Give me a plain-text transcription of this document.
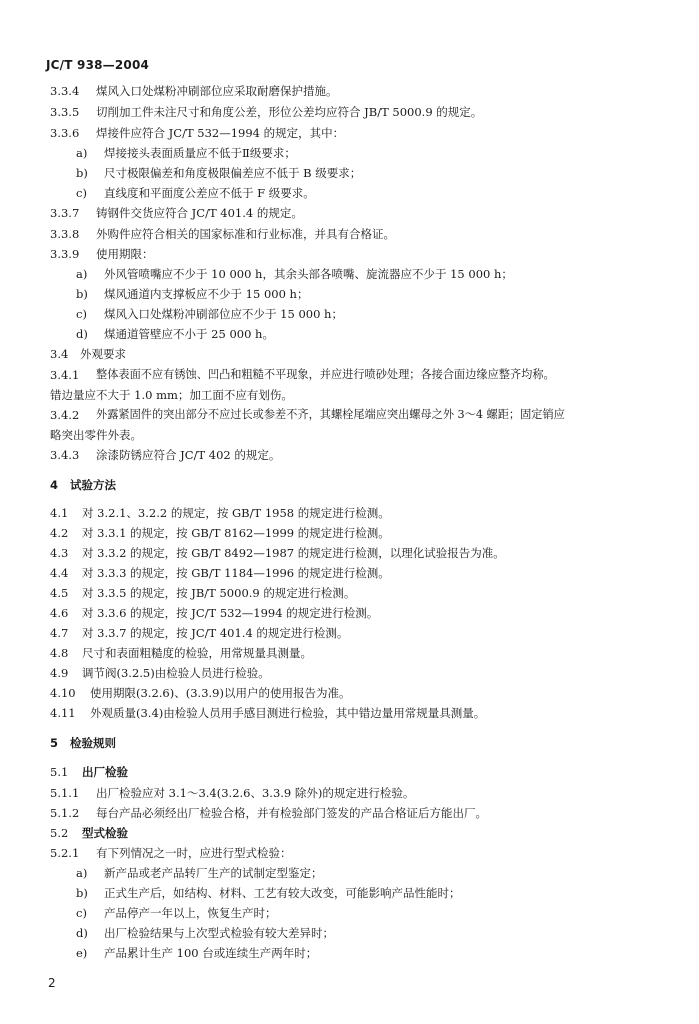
JC/T 938—2004
3.3.4 煤风入口处煤粉冲刷部位应采取耐磨保护措施。
3.3.5 切削加工件未注尺寸和角度公差，形位公差均应符合 JB/T 5000.9 的规定。
3.3.6 焊接件应符合 JC/T 532—1994 的规定，其中：
a) 焊接接头表面质量应不低于Ⅱ级要求；
b) 尺寸极限偏差和角度极限偏差应不低于 B 级要求；
c) 直线度和平面度公差应不低于 F 级要求。
3.3.7 铸钢件交货应符合 JC/T 401.4 的规定。
3.3.8 外购件应符合相关的国家标准和行业标准，并具有合格证。
3.3.9 使用期限：
a) 外风管喷嘴应不少于 10 000 h，其余头部各喷嘴、旋流器应不少于 15 000 h；
b) 煤风通道内支撑板应不少于 15 000 h；
c) 煤风入口处煤粉冲刷部位应不少于 15 000 h；
d) 煤通道管壁应不小于 25 000 h。
3.4 外观要求
3.4.1 整体表面不应有锈蚀、凹凸和粗糙不平现象，并应进行喷砂处理；各接合面边缘应整齐均称。
错边量应不大于 1.0 mm；加工面不应有划伤。
3.4.2 外露紧固件的突出部分不应过长或参差不齐，其螺栓尾端应突出螺母之外 3～4 螺距；固定销应
略突出零件外表。
3.4.3 涂漆防锈应符合 JC/T 402 的规定。
4 试验方法
4.1 对 3.2.1、3.2.2 的规定，按 GB/T 1958 的规定进行检测。
4.2 对 3.3.1 的规定，按 GB/T 8162—1999 的规定进行检测。
4.3 对 3.3.2 的规定，按 GB/T 8492—1987 的规定进行检测，以理化试验报告为准。
4.4 对 3.3.3 的规定，按 GB/T 1184—1996 的规定进行检测。
4.5 对 3.3.5 的规定，按 JB/T 5000.9 的规定进行检测。
4.6 对 3.3.6 的规定，按 JC/T 532—1994 的规定进行检测。
4.7 对 3.3.7 的规定，按 JC/T 401.4 的规定进行检测。
4.8 尺寸和表面粗糙度的检验，用常规量具测量。
4.9 调节阀(3.2.5)由检验人员进行检验。
4.10 使用期限(3.2.6)、(3.3.9)以用户的使用报告为准。
4.11 外观质量(3.4)由检验人员用手感目测进行检验，其中错边量用常规量具测量。
5 检验规则
5.1 出厂检验
5.1.1 出厂检验应对 3.1～3.4(3.2.6、3.3.9 除外)的规定进行检验。
5.1.2 每台产品必须经出厂检验合格，并有检验部门签发的产品合格证后方能出厂。
5.2 型式检验
5.2.1 有下列情况之一时，应进行型式检验：
a) 新产品或老产品转厂生产的试制定型鉴定；
b) 正式生产后，如结构、材料、工艺有较大改变，可能影响产品性能时；
c) 产品停产一年以上，恢复生产时；
d) 出厂检验结果与上次型式检验有较大差异时；
e) 产品累计生产 100 台或连续生产两年时；
2
